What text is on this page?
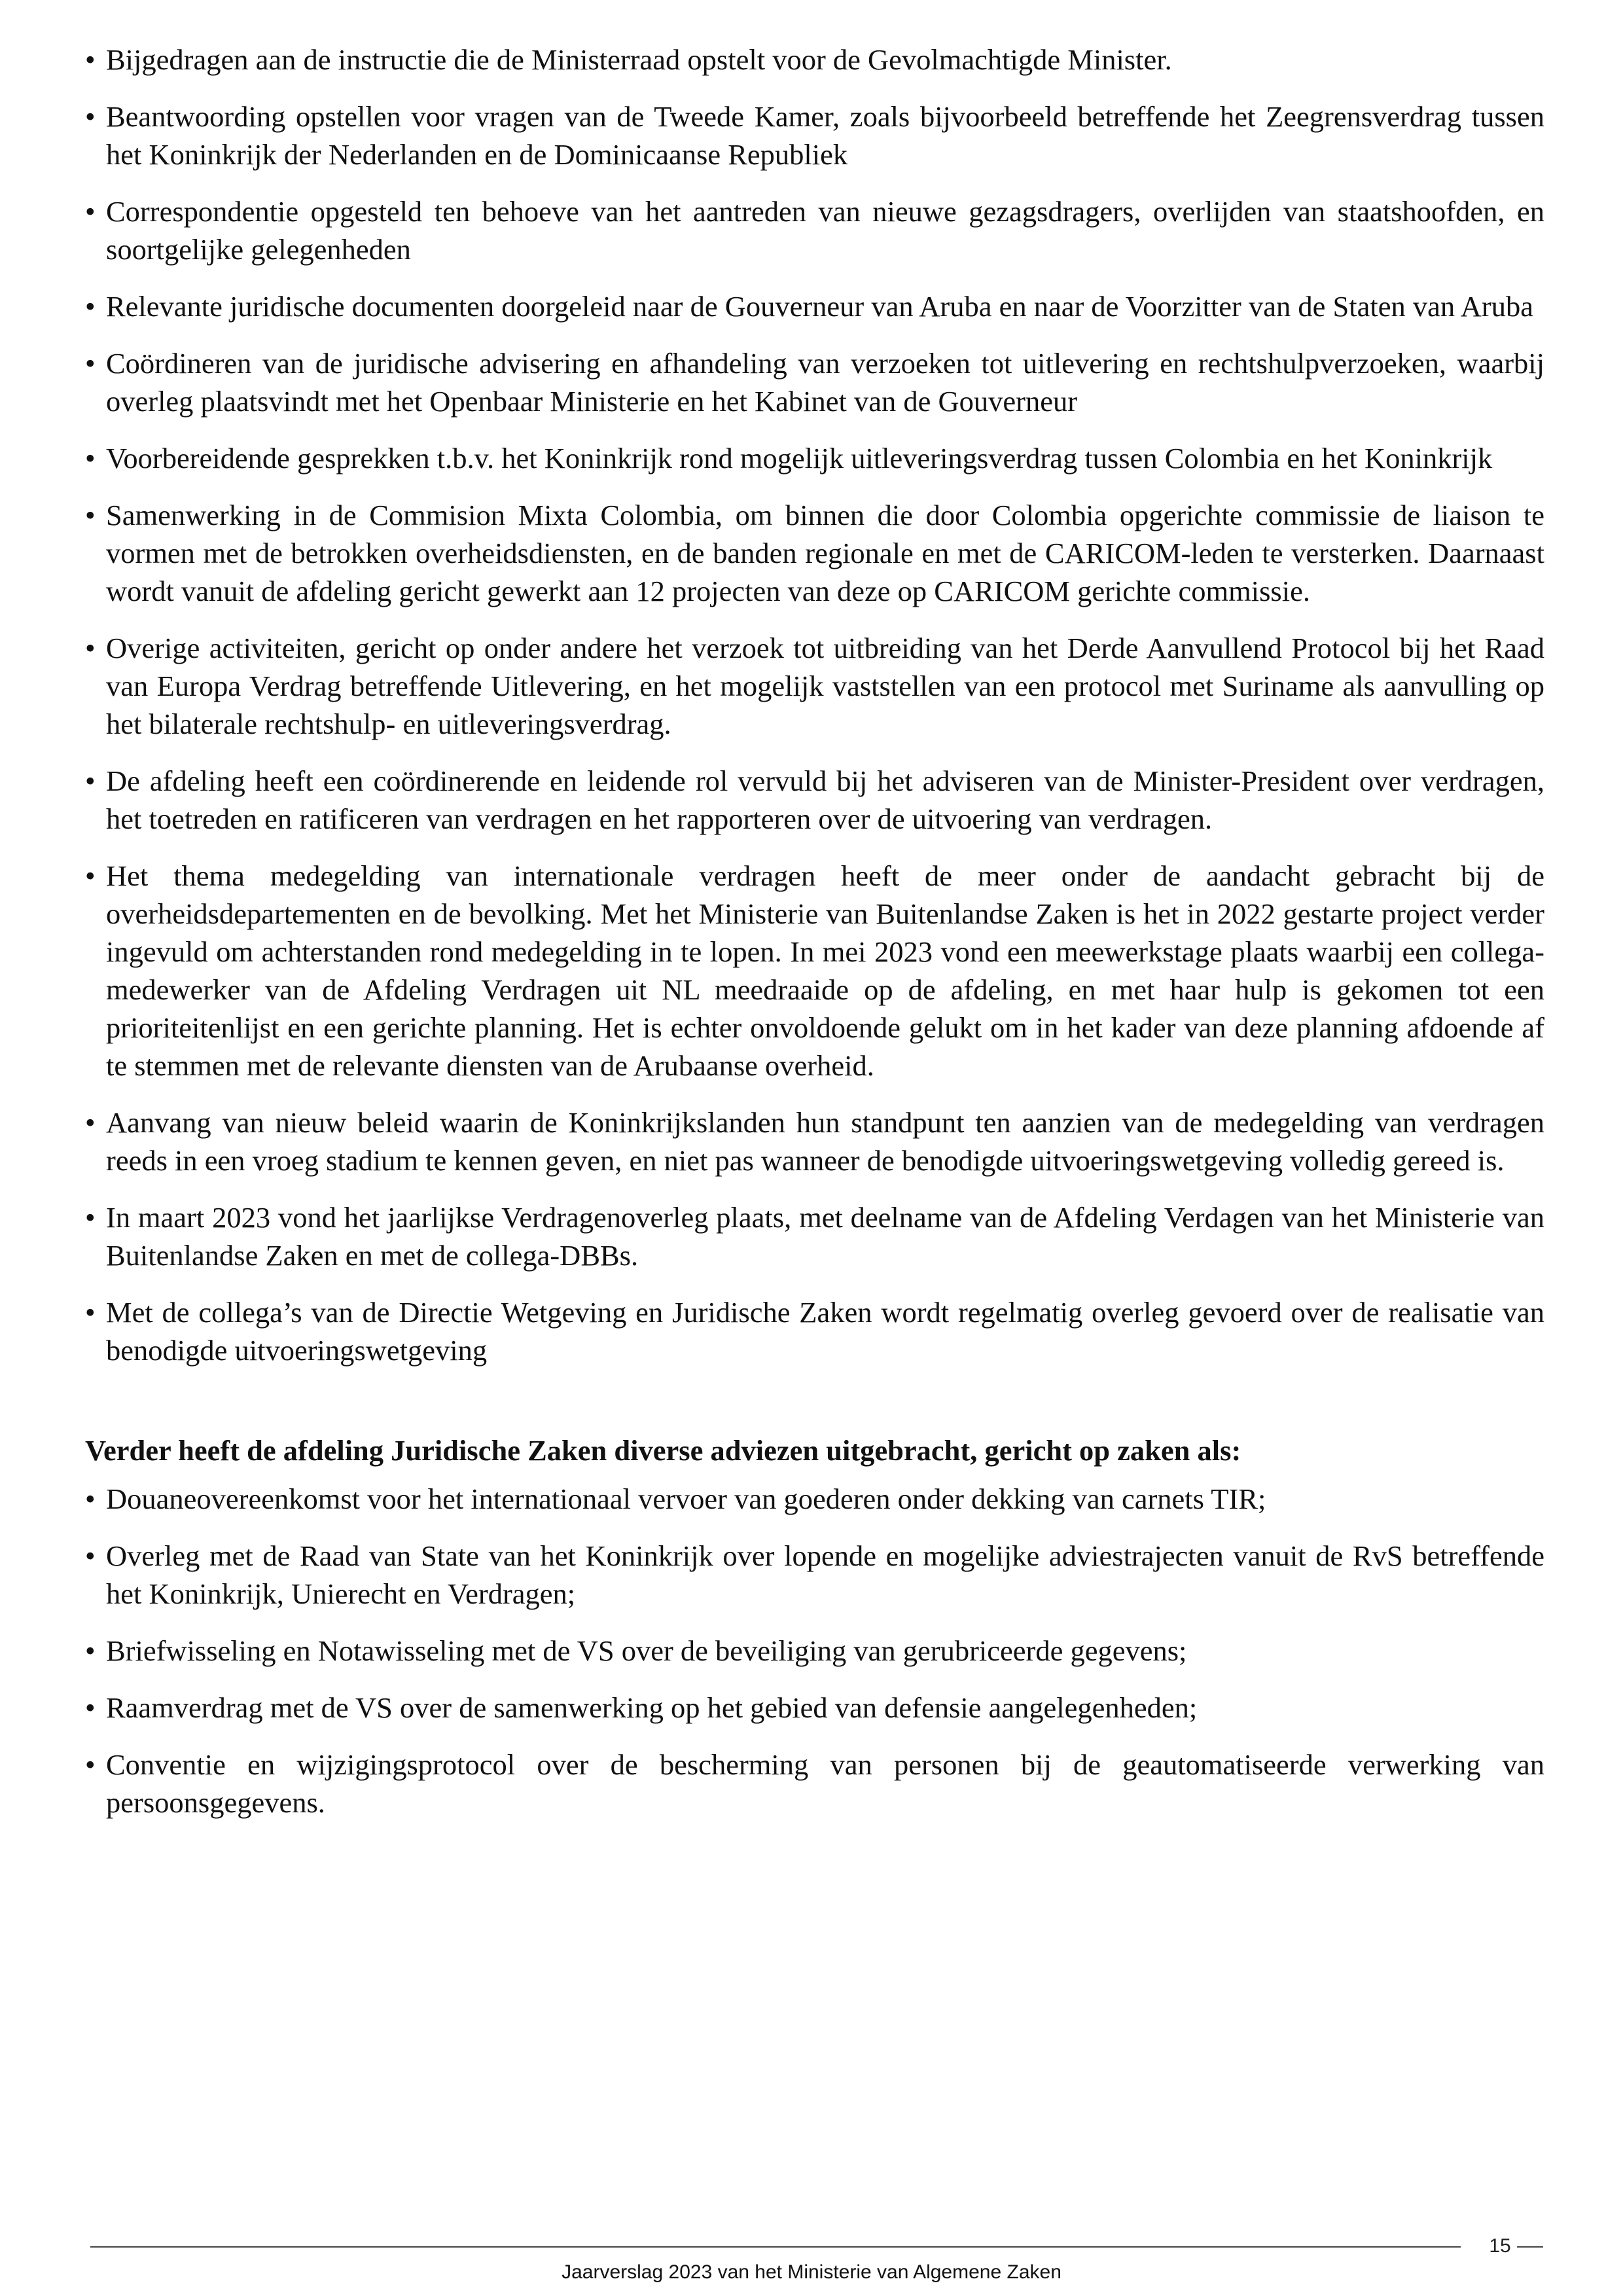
• Bijgedragen aan de instructie die de Ministerraad opstelt voor de Gevolmachtigde Minister.
• Beantwoording opstellen voor vragen van de Tweede Kamer, zoals bijvoorbeeld betreffende het Zeegrensverdrag tussen het Koninkrijk der Nederlanden en de Dominicaanse Republiek
• Correspondentie opgesteld ten behoeve van het aantreden van nieuwe gezagsdragers, overlijden van staatshoofden, en soortgelijke gelegenheden
• Relevante juridische documenten doorgeleid naar de Gouverneur van Aruba en naar de Voorzitter van de Staten van Aruba
• Coördineren van de juridische advisering en afhandeling van verzoeken tot uitlevering en rechtshulpverzoeken, waarbij overleg plaatsvindt met het Openbaar Ministerie en het Kabinet van de Gouverneur
• Voorbereidende gesprekken t.b.v. het Koninkrijk rond mogelijk uitleveringsverdrag tussen Colombia en het Koninkrijk
• Samenwerking in de Commision Mixta Colombia, om binnen die door Colombia opgerichte commissie de liaison te vormen met de betrokken overheidsdiensten, en de banden regionale en met de CARICOM-leden te versterken. Daarnaast wordt vanuit de afdeling gericht gewerkt aan 12 projecten van deze op CARICOM gerichte commissie.
• Overige activiteiten, gericht op onder andere het verzoek tot uitbreiding van het Derde Aanvullend Protocol bij het Raad van Europa Verdrag betreffende Uitlevering, en het mogelijk vaststellen van een protocol met Suriname als aanvulling op het bilaterale rechtshulp- en uitleveringsverdrag.
• De afdeling heeft een coördinerende en leidende rol vervuld bij het adviseren van de Minister-President over verdragen, het toetreden en ratificeren van verdragen en het rapporteren over de uitvoering van verdragen.
• Het thema medegelding van internationale verdragen heeft de meer onder de aandacht gebracht bij de overheidsdepartementen en de bevolking. Met het Ministerie van Buitenlandse Zaken is het in 2022 gestarte project verder ingevuld om achterstanden rond medegelding in te lopen. In mei 2023 vond een meewerkstage plaats waarbij een collega-medewerker van de Afdeling Verdragen uit NL meedraaide op de afdeling, en met haar hulp is gekomen tot een prioriteitenlijst en een gerichte planning. Het is echter onvoldoende gelukt om in het kader van deze planning afdoende af te stemmen met de relevante diensten van de Arubaanse overheid.
• Aanvang van nieuw beleid waarin de Koninkrijkslanden hun standpunt ten aanzien van de medegelding van verdragen reeds in een vroeg stadium te kennen geven, en niet pas wanneer de benodigde uitvoeringswetgeving volledig gereed is.
• In maart 2023 vond het jaarlijkse Verdragenoverleg plaats, met deelname van de Afdeling Verdagen van het Ministerie van Buitenlandse Zaken en met de collega-DBBs.
• Met de collega’s van de Directie Wetgeving en Juridische Zaken wordt regelmatig overleg gevoerd over de realisatie van benodigde uitvoeringswetgeving
Verder heeft de afdeling Juridische Zaken diverse adviezen uitgebracht, gericht op zaken als:
• Douaneovereenkomst voor het internationaal vervoer van goederen onder dekking van carnets TIR;
• Overleg met de Raad van State van het Koninkrijk over lopende en mogelijke adviestrajecten vanuit de RvS betreffende het Koninkrijk, Unierecht en Verdragen;
• Briefwisseling en Notawisseling met de VS over de beveiliging van gerubriceerde gegevens;
• Raamverdrag met de VS over de samenwerking op het gebied van defensie aangelegenheden;
• Conventie en wijzigingsprotocol over de bescherming van personen bij de geautomatiseerde verwerking van persoonsgegevens.
15
Jaarverslag 2023 van het Ministerie van Algemene Zaken
